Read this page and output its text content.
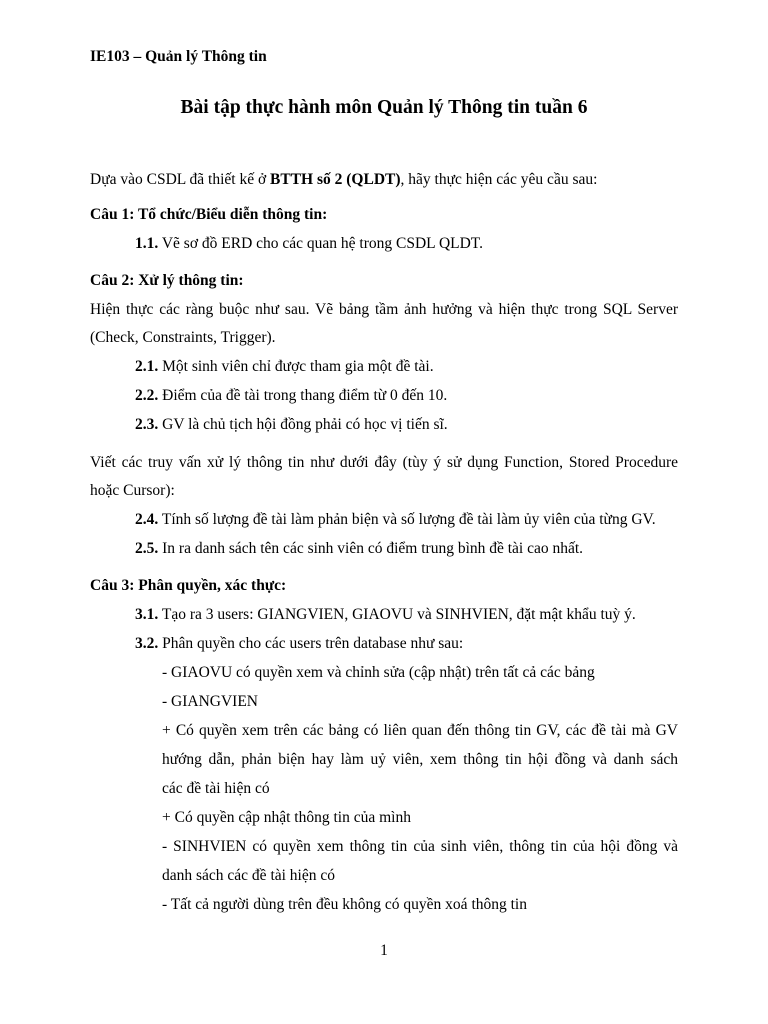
IE103 – Quản lý Thông tin
Bài tập thực hành môn Quản lý Thông tin tuần 6
Dựa vào CSDL đã thiết kế ở BTTH số 2 (QLDT), hãy thực hiện các yêu cầu sau:
Câu 1: Tổ chức/Biểu diễn thông tin:
1.1. Vẽ sơ đồ ERD cho các quan hệ trong CSDL QLDT.
Câu 2: Xử lý thông tin:
Hiện thực các ràng buộc như sau. Vẽ bảng tầm ảnh hưởng và hiện thực trong SQL Server
(Check, Constraints, Trigger).
2.1. Một sinh viên chỉ được tham gia một đề tài.
2.2. Điểm của đề tài trong thang điểm từ 0 đến 10.
2.3. GV là chủ tịch hội đồng phải có học vị tiến sĩ.
Viết các truy vấn xử lý thông tin như dưới đây (tùy ý sử dụng Function, Stored Procedure
hoặc Cursor):
2.4. Tính số lượng đề tài làm phản biện và số lượng đề tài làm ủy viên của từng GV.
2.5. In ra danh sách tên các sinh viên có điểm trung bình đề tài cao nhất.
Câu 3: Phân quyền, xác thực:
3.1. Tạo ra 3 users: GIANGVIEN, GIAOVU và SINHVIEN, đặt mật khẩu tuỳ ý.
3.2. Phân quyền cho các users trên database như sau:
- GIAOVU có quyền xem và chỉnh sửa (cập nhật) trên tất cả các bảng
- GIANGVIEN
+ Có quyền xem trên các bảng có liên quan đến thông tin GV, các đề tài mà GV
hướng dẫn, phản biện hay làm uỷ viên, xem thông tin hội đồng và danh sách
các đề tài hiện có
+ Có quyền cập nhật thông tin của mình
- SINHVIEN có quyền xem thông tin của sinh viên, thông tin của hội đồng và
danh sách các đề tài hiện có
- Tất cả người dùng trên đều không có quyền xoá thông tin
1
